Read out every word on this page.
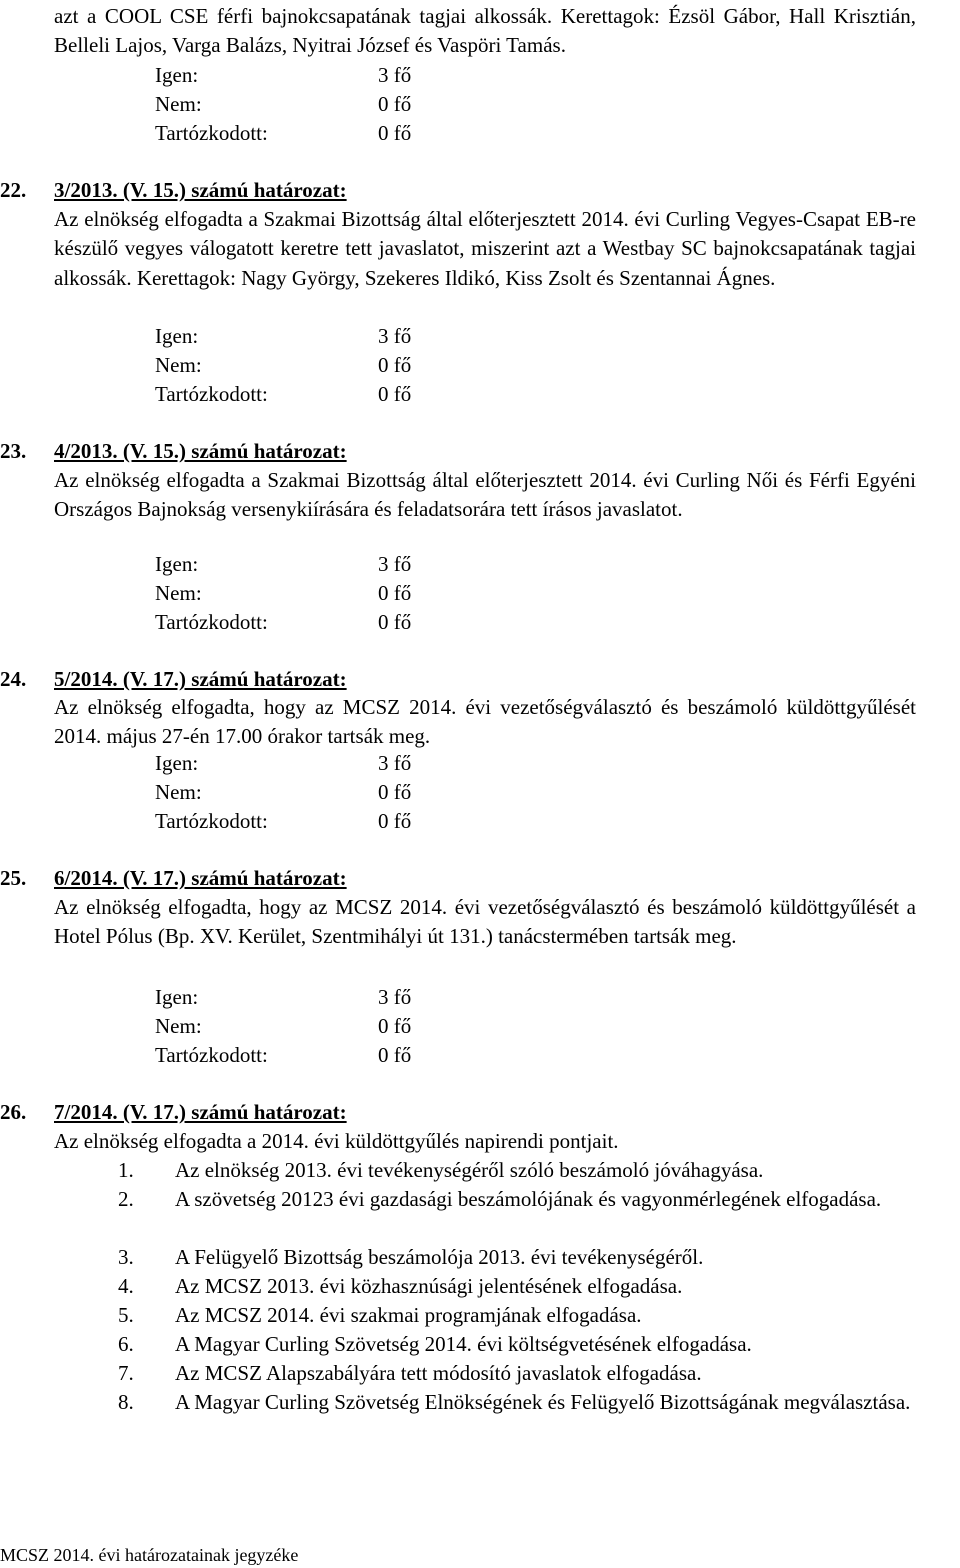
azt a COOL CSE férfi bajnokcsapatának tagjai alkossák. Kerettagok: Ézsöl Gábor, Hall Krisztián, Belleli Lajos, Varga Balázs, Nyitrai József és Vaspöri Tamás.
Igen:	3 fő
Nem:	0 fő
Tartózkodott:	0 fő
22. 3/2013. (V. 15.) számú határozat:
Az elnökség elfogadta a Szakmai Bizottság által előterjesztett 2014. évi Curling Vegyes-Csapat EB-re készülő vegyes válogatott keretre tett javaslatot, miszerint azt a Westbay SC bajnokcsapatának tagjai alkossák. Kerettagok: Nagy György, Szekeres Ildikó, Kiss Zsolt és Szentannai Ágnes.
Igen:	3 fő
Nem:	0 fő
Tartózkodott:	0 fő
23. 4/2013. (V. 15.) számú határozat:
Az elnökség elfogadta a Szakmai Bizottság által előterjesztett 2014. évi Curling Női és Férfi Egyéni Országos Bajnokság versenykiírására és feladatsorára tett írásos javaslatot.
Igen:	3 fő
Nem:	0 fő
Tartózkodott:	0 fő
24. 5/2014. (V. 17.) számú határozat:
Az elnökség elfogadta, hogy az MCSZ 2014. évi vezetőségválasztó és beszámoló küldöttgyűlését 2014. május 27-én 17.00 órakor tartsák meg.
Igen:	3 fő
Nem:	0 fő
Tartózkodott:	0 fő
25. 6/2014. (V. 17.) számú határozat:
Az elnökség elfogadta, hogy az MCSZ 2014. évi vezetőségválasztó és beszámoló küldöttgyűlését a Hotel Pólus (Bp. XV. Kerület, Szentmihályi út 131.) tanácstermében tartsák meg.
Igen:	3 fő
Nem:	0 fő
Tartózkodott:	0 fő
26. 7/2014. (V. 17.) számú határozat:
Az elnökség elfogadta a 2014. évi küldöttgyűlés napirendi pontjait.
1. Az elnökség 2013. évi tevékenységéről szóló beszámoló jóváhagyása.
2. A szövetség 20123 évi gazdasági beszámolójának és vagyonmérlegének elfogadása.
3. A Felügyelő Bizottság beszámolója 2013. évi tevékenységéről.
4. Az MCSZ 2013. évi közhasznúsági jelentésének elfogadása.
5. Az MCSZ 2014. évi szakmai programjának elfogadása.
6. A Magyar Curling Szövetség 2014. évi költségvetésének elfogadása.
7. Az MCSZ Alapszabályára tett módosító javaslatok elfogadása.
8. A Magyar Curling Szövetség Elnökségének és Felügyelő Bizottságának megválasztása.
MCSZ 2014. évi határozatainak jegyzéke
